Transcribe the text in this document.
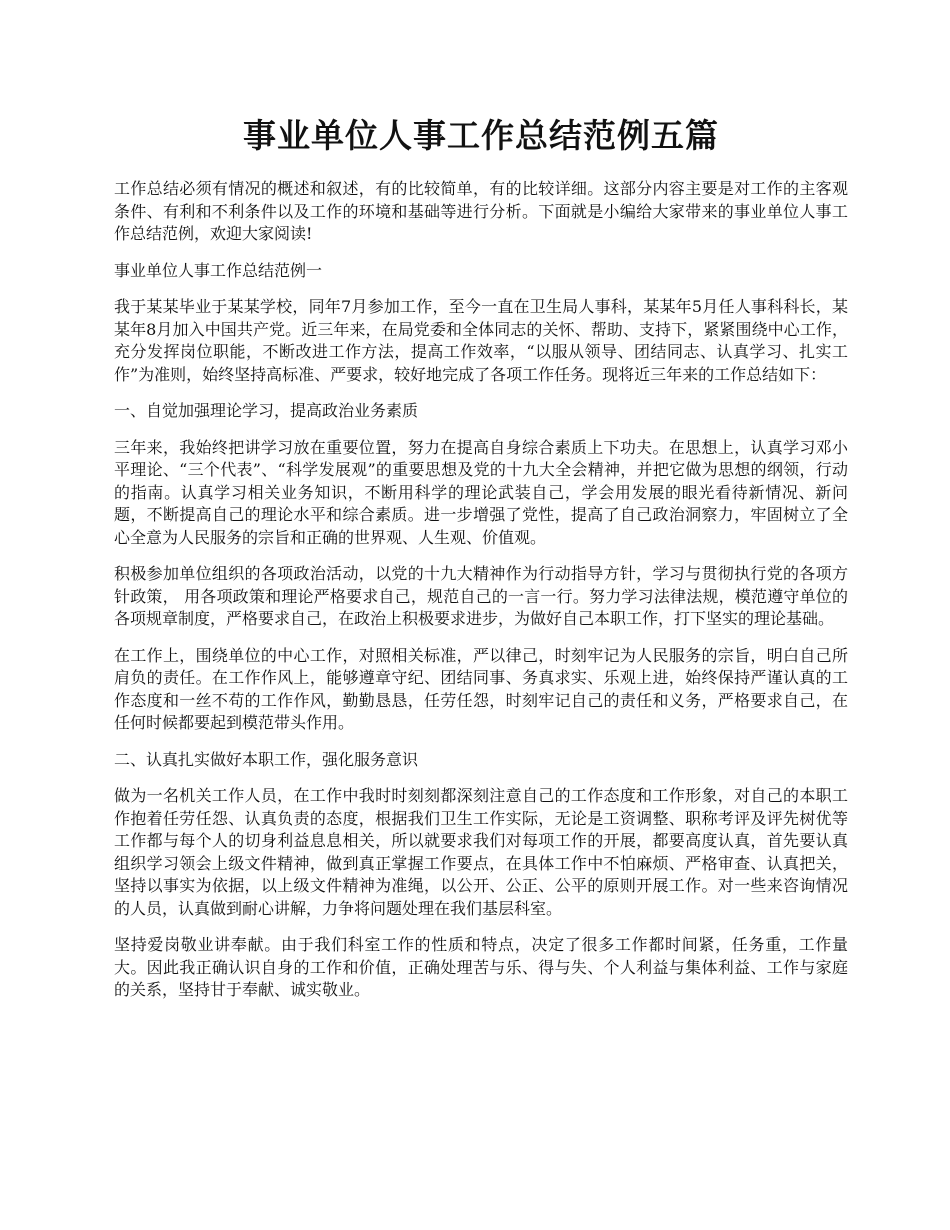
事业单位人事工作总结范例五篇

工作总结必须有情况的概述和叙述，有的比较简单，有的比较详细。这部分内容主要是对工作的主客观条件、有利和不利条件以及工作的环境和基础等进行分析。下面就是小编给大家带来的事业单位人事工作总结范例，欢迎大家阅读!

事业单位人事工作总结范例一

我于某某毕业于某某学校，同年7月参加工作，至今一直在卫生局人事科，某某年5月任人事科科长，某某年8月加入中国共产党。近三年来，在局党委和全体同志的关怀、帮助、支持下，紧紧围绕中心工作，充分发挥岗位职能，不断改进工作方法，提高工作效率，“以服从领导、团结同志、认真学习、扎实工作”为准则，始终坚持高标准、严要求，较好地完成了各项工作任务。现将近三年来的工作总结如下：

一、自觉加强理论学习，提高政治业务素质

三年来，我始终把讲学习放在重要位置，努力在提高自身综合素质上下功夫。在思想上，认真学习邓小平理论、“三个代表”、“科学发展观”的重要思想及党的十九大全会精神，并把它做为思想的纲领，行动的指南。认真学习相关业务知识，不断用科学的理论武装自己，学会用发展的眼光看待新情况、新问题，不断提高自己的理论水平和综合素质。进一步增强了党性，提高了自己政治洞察力，牢固树立了全心全意为人民服务的宗旨和正确的世界观、人生观、价值观。

积极参加单位组织的各项政治活动，以党的十九大精神作为行动指导方针，学习与贯彻执行党的各项方针政策， 用各项政策和理论严格要求自己，规范自己的一言一行。努力学习法律法规，模范遵守单位的各项规章制度，严格要求自己，在政治上积极要求进步，为做好自己本职工作，打下坚实的理论基础。

在工作上，围绕单位的中心工作，对照相关标准，严以律己，时刻牢记为人民服务的宗旨，明白自己所肩负的责任。在工作作风上，能够遵章守纪、团结同事、务真求实、乐观上进，始终保持严谨认真的工作态度和一丝不苟的工作作风，勤勤恳恳，任劳任怨，时刻牢记自己的责任和义务，严格要求自己，在任何时候都要起到模范带头作用。

二、认真扎实做好本职工作，强化服务意识

做为一名机关工作人员，在工作中我时时刻刻都深刻注意自己的工作态度和工作形象，对自己的本职工作抱着任劳任怨、认真负责的态度，根据我们卫生工作实际，无论是工资调整、职称考评及评先树优等工作都与每个人的切身利益息息相关，所以就要求我们对每项工作的开展，都要高度认真，首先要认真组织学习领会上级文件精神，做到真正掌握工作要点，在具体工作中不怕麻烦、严格审查、认真把关，坚持以事实为依据，以上级文件精神为准绳，以公开、公正、公平的原则开展工作。对一些来咨询情况的人员，认真做到耐心讲解，力争将问题处理在我们基层科室。

坚持爱岗敬业讲奉献。由于我们科室工作的性质和特点，决定了很多工作都时间紧，任务重，工作量大。因此我正确认识自身的工作和价值，正确处理苦与乐、得与失、个人利益与集体利益、工作与家庭的关系，坚持甘于奉献、诚实敬业。
